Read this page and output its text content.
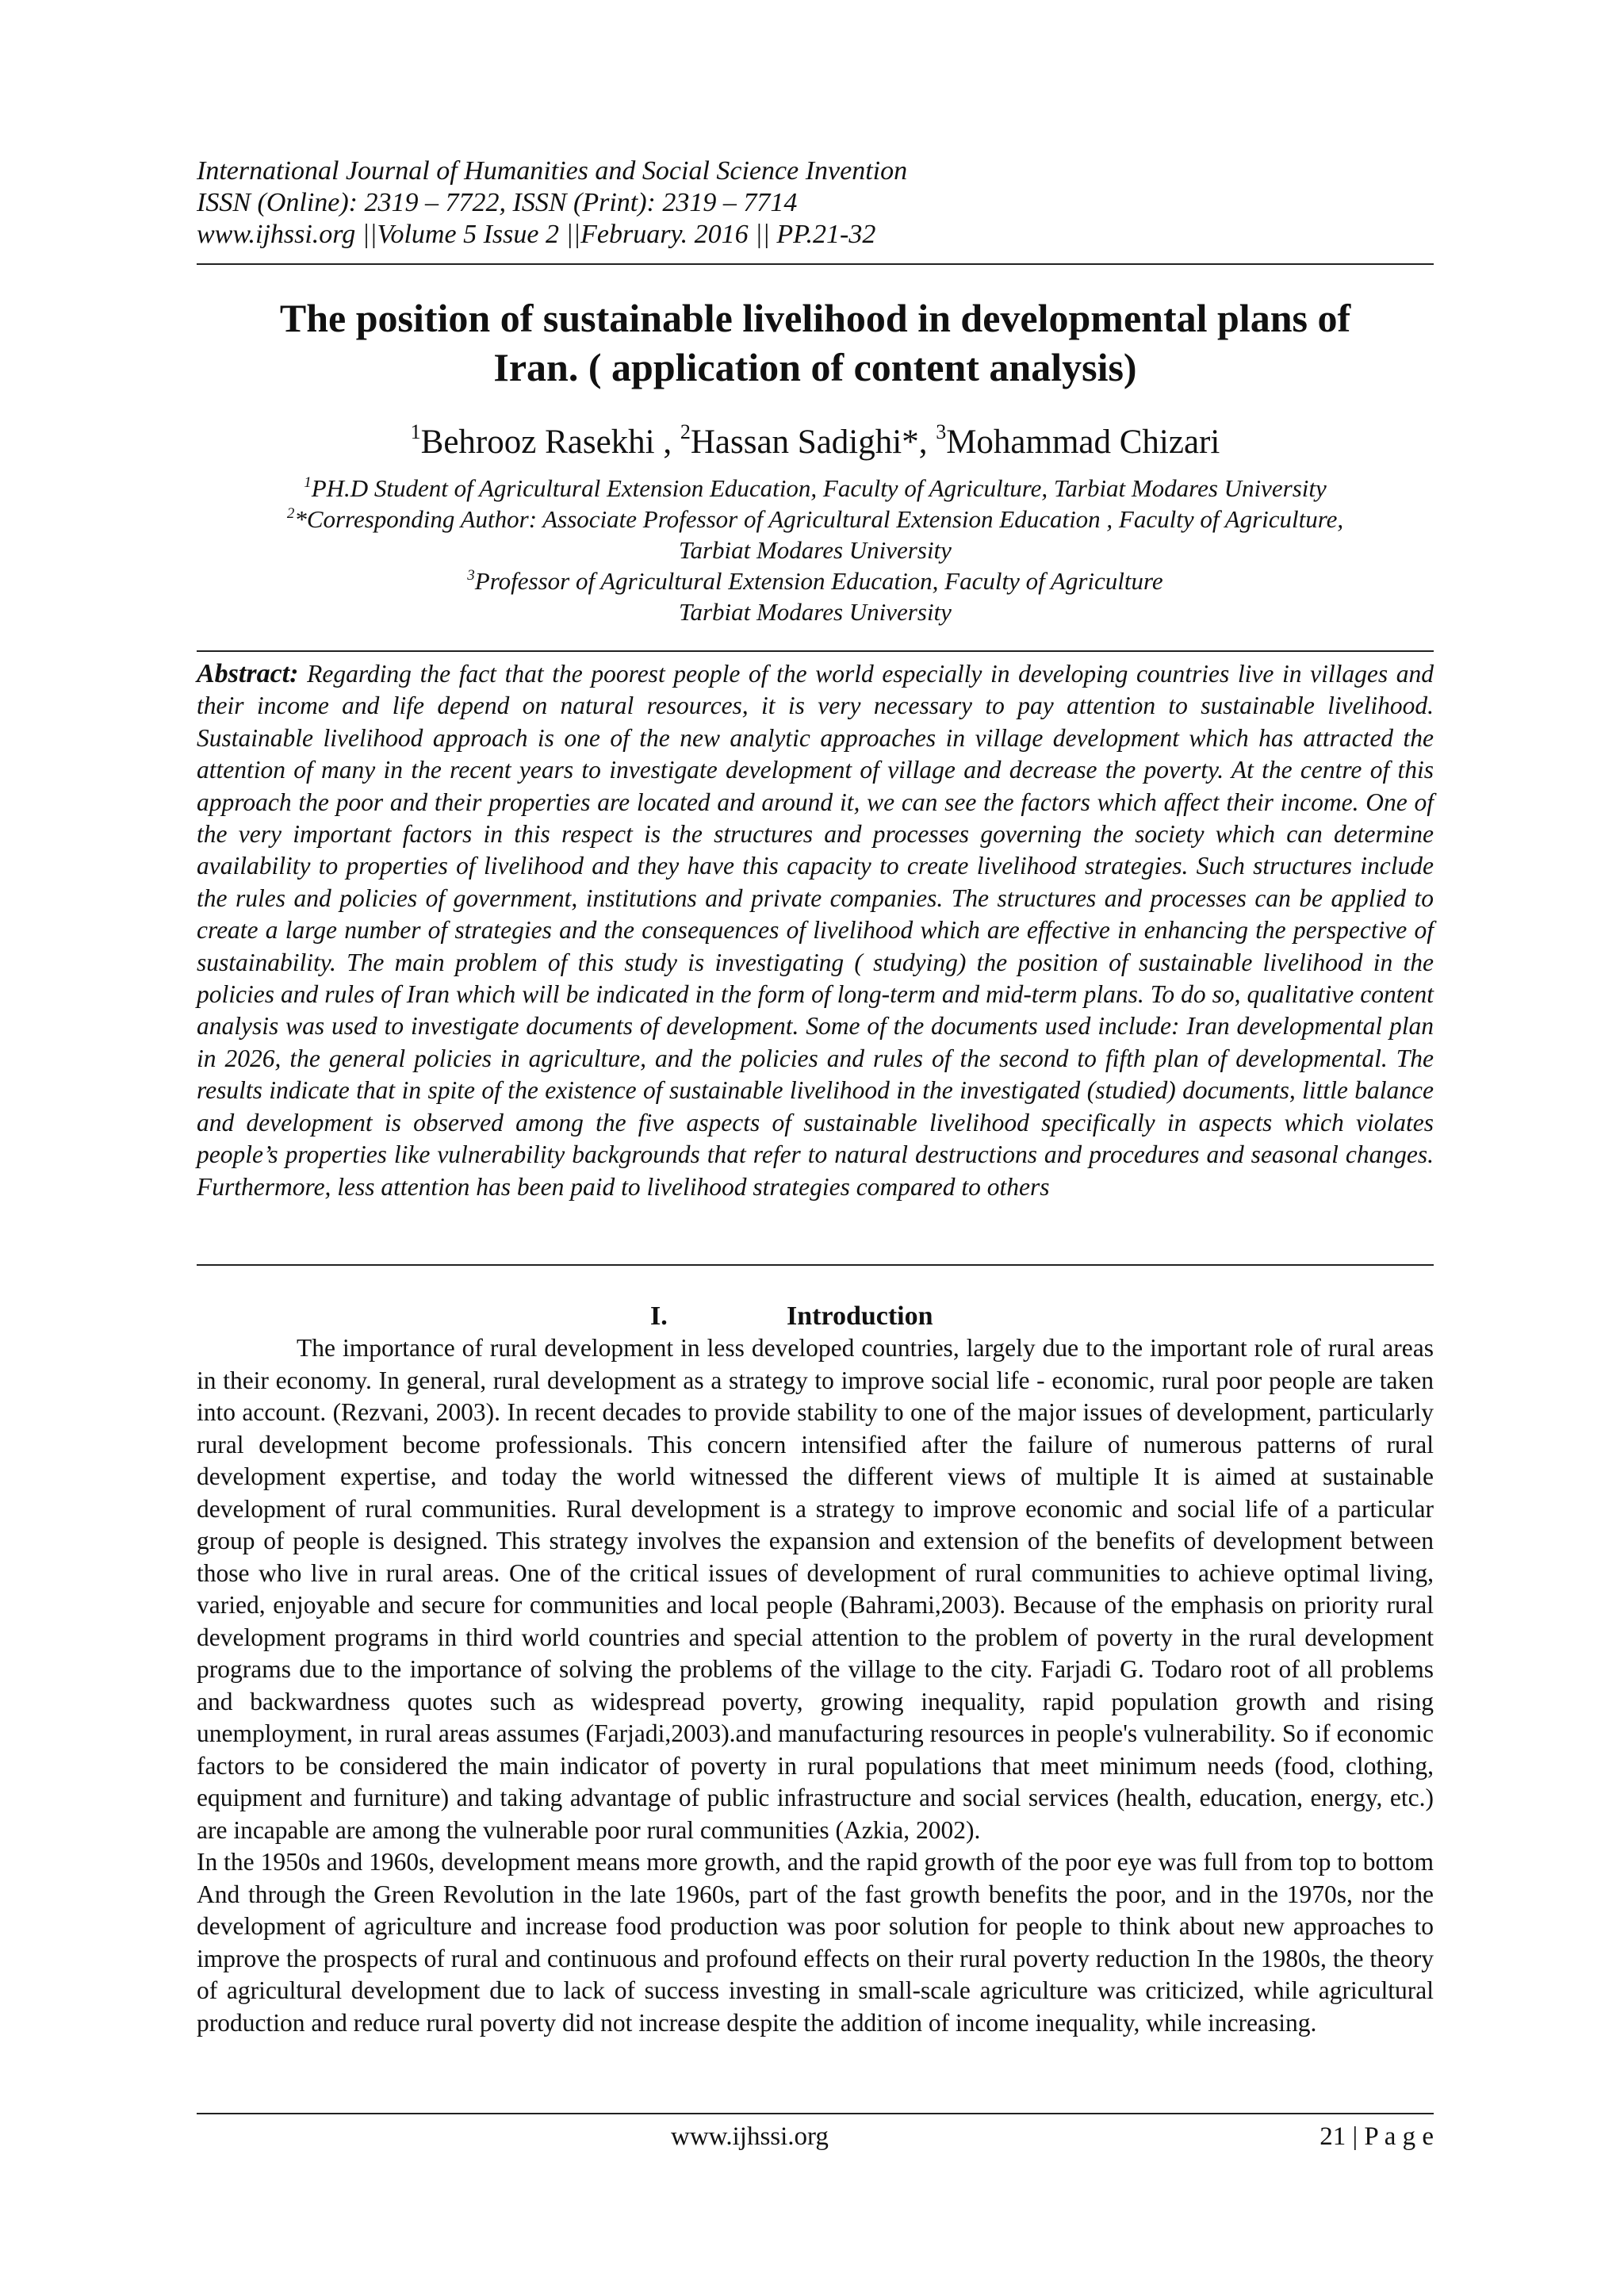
International Journal of Humanities and Social Science Invention
ISSN (Online): 2319 – 7722, ISSN (Print): 2319 – 7714
www.ijhssi.org ||Volume 5 Issue 2 ||February. 2016 || PP.21-32
The position of sustainable livelihood in developmental plans of
Iran. ( application of content analysis)
$^1$Behrooz Rasekhi , $^2$Hassan Sadighi*, $^3$Mohammad Chizari
$^1$PH.D Student of Agricultural Extension Education, Faculty of Agriculture, Tarbiat Modares University
$^2$*Corresponding Author: Associate Professor of Agricultural Extension Education , Faculty of Agriculture,
Tarbiat Modares University
$^3$Professor of Agricultural Extension Education, Faculty of Agriculture
Tarbiat Modares University
Abstract: Regarding the fact that the poorest people of the world especially in developing countries live in villages and their income and life depend on natural resources, it is very necessary to pay attention to sustainable livelihood. Sustainable livelihood approach is one of the new analytic approaches in village development which has attracted the attention of many in the recent years to investigate development of village and decrease the poverty. At the centre of this approach the poor and their properties are located and around it, we can see the factors which affect their income. One of the very important factors in this respect is the structures and processes governing the society which can determine availability to properties of livelihood and they have this capacity to create livelihood strategies. Such structures include the rules and policies of government, institutions and private companies. The structures and processes can be applied to create a large number of strategies and the consequences of livelihood which are effective in enhancing the perspective of sustainability. The main problem of this study is investigating ( studying) the position of sustainable livelihood in the policies and rules of Iran which will be indicated in the form of long-term and mid-term plans. To do so, qualitative content analysis was used to investigate documents of development. Some of the documents used include: Iran developmental plan in 2026, the general policies in agriculture, and the policies and rules of the second to fifth plan of developmental. The results indicate that in spite of the existence of sustainable livelihood in the investigated (studied) documents, little balance and development is observed among the five aspects of sustainable livelihood specifically in aspects which violates people’s properties like vulnerability backgrounds that refer to natural destructions and procedures and seasonal changes. Furthermore, less attention has been paid to livelihood strategies compared to others
I.	Introduction

The importance of rural development in less developed countries, largely due to the important role of rural areas in their economy. In general, rural development as a strategy to improve social life - economic, rural poor people are taken into account. (Rezvani, 2003). In recent decades to provide stability to one of the major issues of development, particularly rural development become professionals. This concern intensified after the failure of numerous patterns of rural development expertise, and today the world witnessed the different views of multiple It is aimed at sustainable development of rural communities. Rural development is a strategy to improve economic and social life of a particular group of people is designed. This strategy involves the expansion and extension of the benefits of development between those who live in rural areas. One of the critical issues of development of rural communities to achieve optimal living, varied, enjoyable and secure for communities and local people (Bahrami,2003). Because of the emphasis on priority rural development programs in third world countries and special attention to the problem of poverty in the rural development programs due to the importance of solving the problems of the village to the city. Farjadi G. Todaro root of all problems and backwardness quotes such as widespread poverty, growing inequality, rapid population growth and rising unemployment, in rural areas assumes (Farjadi,2003).and manufacturing resources in people's vulnerability. So if economic factors to be considered the main indicator of poverty in rural populations that meet minimum needs (food, clothing, equipment and furniture) and taking advantage of public infrastructure and social services (health, education, energy, etc.) are incapable are among the vulnerable poor rural communities (Azkia, 2002).

In the 1950s and 1960s, development means more growth, and the rapid growth of the poor eye was full from top to bottom And through the Green Revolution in the late 1960s, part of the fast growth benefits the poor, and in the 1970s, nor the development of agriculture and increase food production was poor solution for people to think about new approaches to improve the prospects of rural and continuous and profound effects on their rural poverty reduction In the 1980s, the theory of agricultural development due to lack of success investing in small-scale agriculture was criticized, while agricultural production and reduce rural poverty did not increase despite the addition of income inequality, while increasing.

www.ijhssi.org	21 | P a g e
